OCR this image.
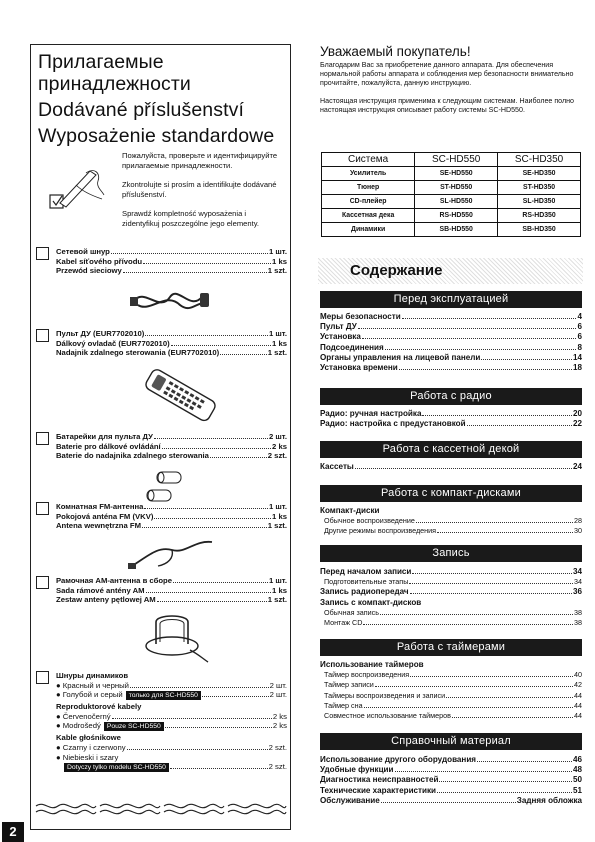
Прилагаемые
принадлежности
Dodávané příslušenství
Wyposażenie standardowe

Пожалуйста, проверьте и идентифицируйте прилагаемые принадлежности.

Zkontrolujte si prosím a identifikujte dodávané příslušenství.

Sprawdź kompletność wyposażenia i zidentyfikuj poszczególne jego elementy.

Сетевой шнур	1 шт.
Kabel síťového přívodu	1 ks
Przewód sieciowy	1 szt.
Пульт ДУ (EUR7702010)	1 шт.
Dálkový ovladač (EUR7702010)	1 ks
Nadajnik zdalnego sterowania (EUR7702010)	1 szt.
Батарейки для пульта ДУ	2 шт.
Baterie pro dálkové ovládání	2 ks
Baterie do nadajnika zdalnego sterowania	2 szt.
Комнатная FM-антенна	1 шт.
Pokojová anténa FM (VKV)	1 ks
Antena wewnętrzna FM	1 szt.
Рамочная АМ-антенна в сборе	1 шт.
Sada rámové antény AM	1 ks
Zestaw anteny pętlowej AM	1 szt.
Шнуры динамиков
● Красный и черный	2 шт.
● Голубой и серый только для SC-HD550	2 шт.
Reproduktorové kabely
● Červenočerný	2 ks
● Modrošedý Pouze SC-HD550	2 ks
Kable głośnikowe
● Czarny i czerwony	2 szt.
● Niebieski i szary
Dotyczy tylko modelu SC-HD550	2 szt.
Уважаемый покупатель!

Благодарим Вас за приобретение данного аппарата. Для обеспечения нормальной работы аппарата и соблюдения мер безопасности внимательно прочитайте, пожалуйста, данную инструкцию.

Настоящая инструкция применима к следующим системам. Наиболее полно настоящая инструкция описывает работу системы SC-HD550.

Система	SC-HD550	SC-HD350
Усилитель	SE-HD550	SE-HD350
Тюнер	ST-HD550	ST-HD350
CD-плейер	SL-HD550	SL-HD350
Кассетная дека	RS-HD550	RS-HD350
Динамики	SB-HD550	SB-HD350
Содержание
Перед эксплуатацией
Меры безопасности	4
Пульт ДУ	6
Установка	6
Подсоединения	8
Органы управления на лицевой панели	14
Установка времени	18
Работа с радио
Радио: ручная настройка	20
Радио: настройка с предустановкой	22
Работа с кассетной декой
Кассеты	24
Работа с компакт-дисками
Компакт-диски
Обычное воспроизведение	28
Другие режимы воспроизведения	30
Запись
Перед началом записи	34
Подготовительные этапы	34
Запись радиопередач	36
Запись с компакт-дисков
Обычная запись	38
Монтаж CD	38
Работа с таймерами
Использование таймеров
Таймер воспроизведения	40
Таймер записи	42
Таймеры воспроизведения и записи	44
Таймер сна	44
Совместное использование таймеров	44
Справочный материал
Использование другого оборудования	46
Удобные функции	48
Диагностика неисправностей	50
Технические характеристики	51
Обслуживание	Задняя обложка
2
